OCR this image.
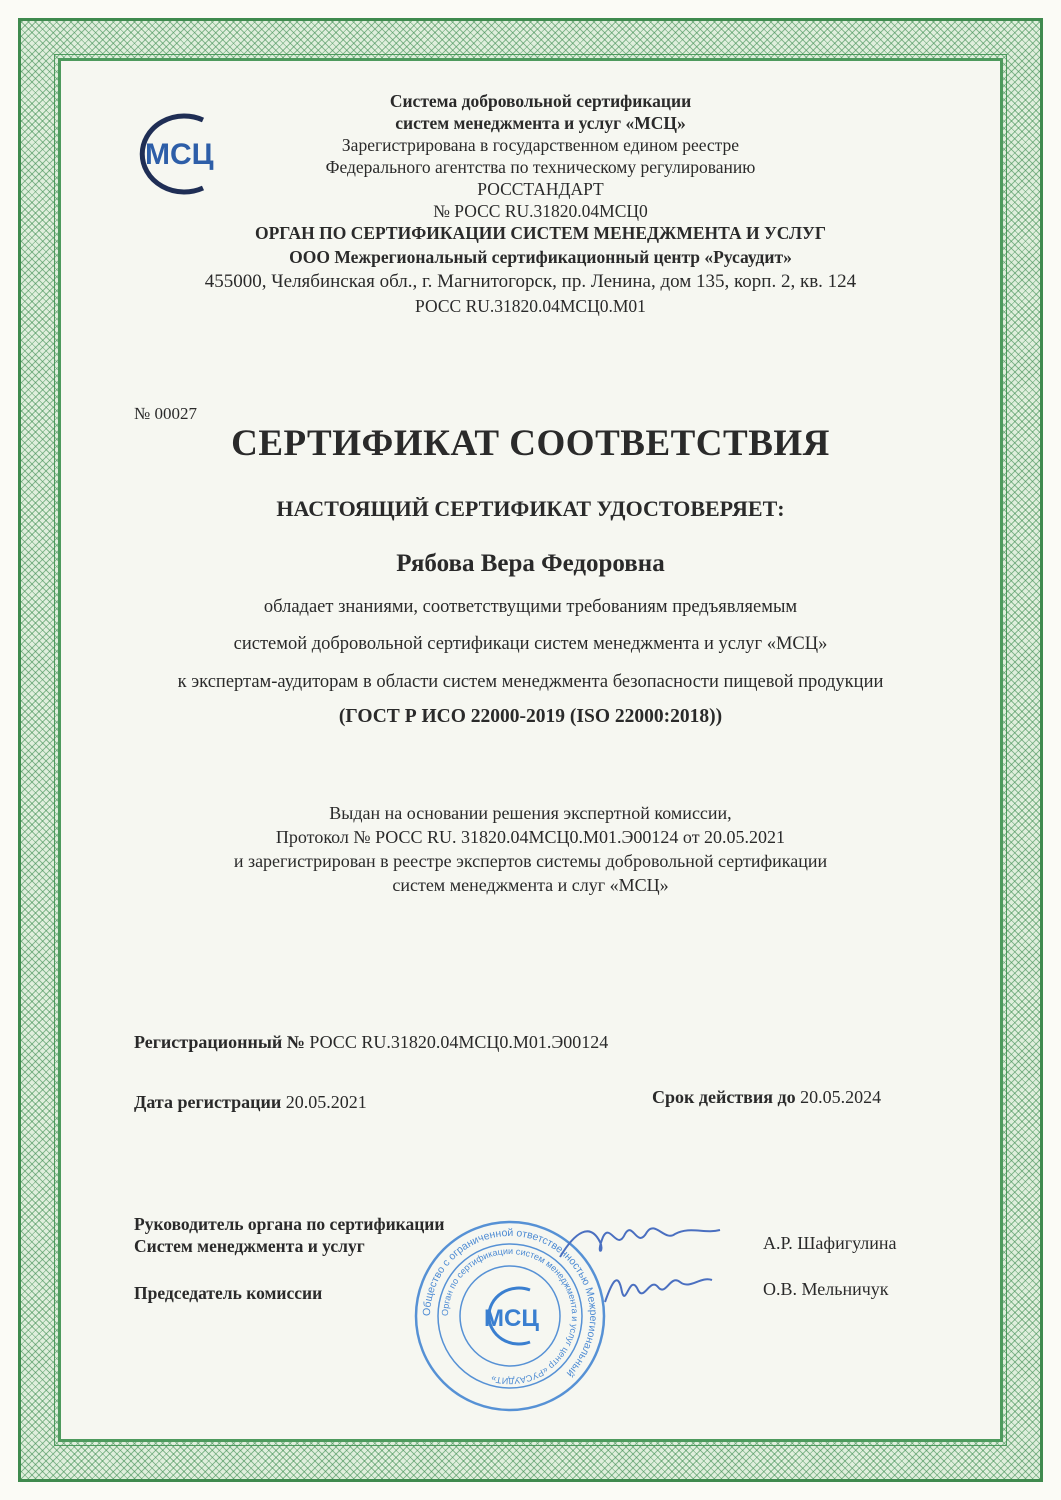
МСЦ
Система добровольной сертификации
систем менеджмента и услуг «МСЦ»
Зарегистрирована в государственном едином реестре
Федерального агентства по техническому регулированию
РОССТАНДАРТ
№ РОСС RU.31820.04МСЦ0
ОРГАН ПО СЕРТИФИКАЦИИ СИСТЕМ МЕНЕДЖМЕНТА И УСЛУГ
ООО Межрегиональный сертификационный центр «Русаудит»
455000, Челябинская обл., г. Магнитогорск, пр. Ленина, дом 135, корп. 2, кв. 124
РОСС RU.31820.04МСЦ0.М01
№ 00027
СЕРТИФИКАТ СООТВЕТСТВИЯ
НАСТОЯЩИЙ СЕРТИФИКАТ УДОСТОВЕРЯЕТ:
Рябова Вера Федоровна
обладает знаниями, соответствущими требованиям предъявляемым
системой добровольной сертификаци систем менеджмента и услуг «МСЦ»
к экспертам-аудиторам в области систем менеджмента безопасности пищевой продукции
(ГОСТ Р ИСО 22000-2019 (ISO 22000:2018))
Выдан на основании решения экспертной комиссии,
Протокол № РОСС RU. 31820.04МСЦ0.М01.Э00124 от 20.05.2021
и зарегистрирован в реестре экспертов системы добровольной сертификации
систем менеджмента и слуг «МСЦ»
Регистрационный № РОСС RU.31820.04МСЦ0.М01.Э00124
Дата регистрации 20.05.2021	Срок действия до 20.05.2024
Руководитель органа по сертификации
Систем менеджмента и услуг	А.Р. Шафигулина
Председатель комиссии	О.В. Мельничук
Общество с ограниченной ответственностью Межрегиональный
Орган по сертификации систем менеджмента и услуг центр «РУСАУДИТ»
МСЦ
